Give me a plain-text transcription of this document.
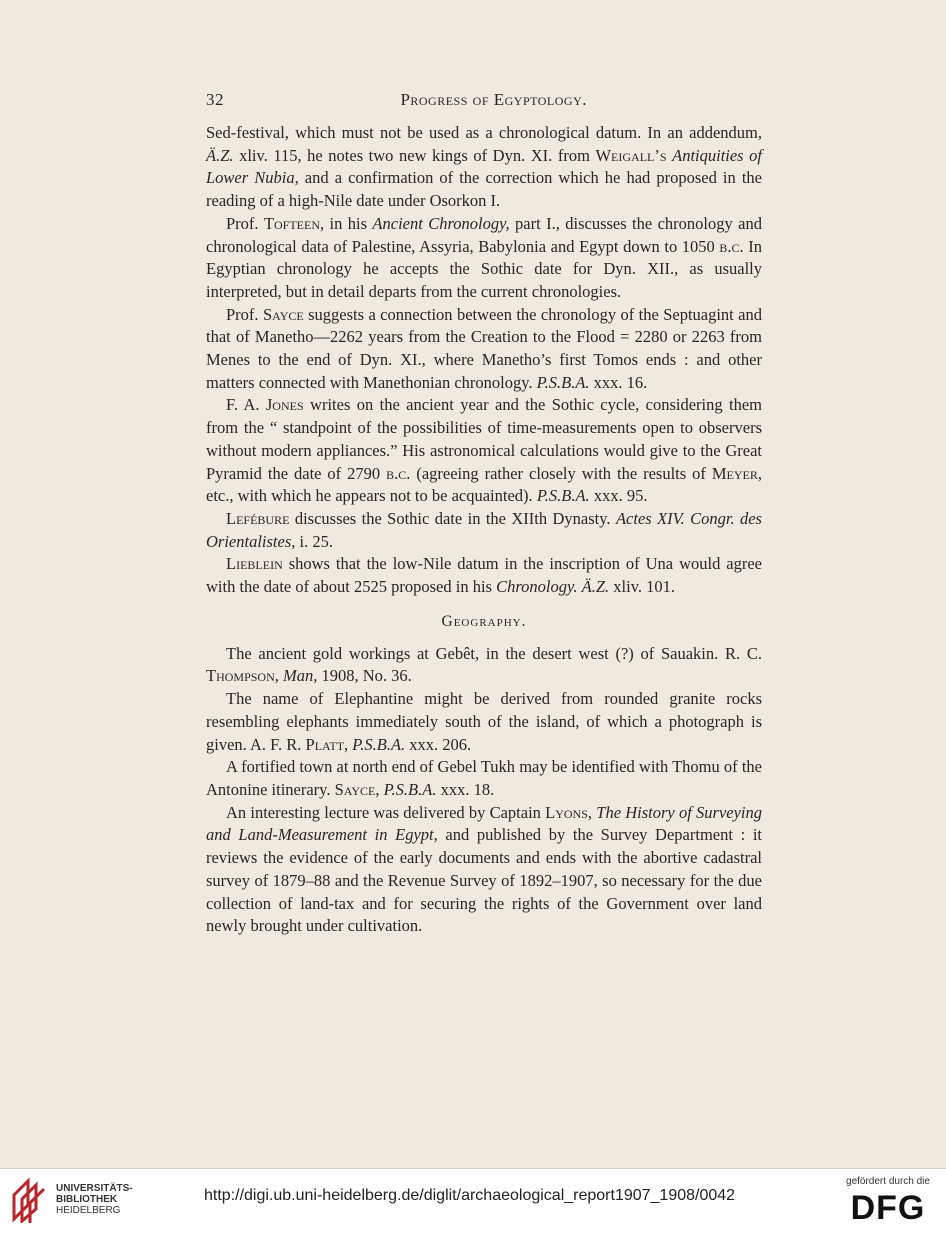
32	Progress of Egyptology.

Sed-festival, which must not be used as a chronological datum. In an addendum, Ä.Z. xliv. 115, he notes two new kings of Dyn. XI. from Weigall’s Antiquities of Lower Nubia, and a confirmation of the correction which he had proposed in the reading of a high-Nile date under Osorkon I.

Prof. Tofteen, in his Ancient Chronology, part I., discusses the chronology and chronological data of Palestine, Assyria, Babylonia and Egypt down to 1050 b.c. In Egyptian chronology he accepts the Sothic date for Dyn. XII., as usually interpreted, but in detail departs from the current chronologies.

Prof. Sayce suggests a connection between the chronology of the Septuagint and that of Manetho—2262 years from the Creation to the Flood = 2280 or 2263 from Menes to the end of Dyn. XI., where Manetho’s first Tomos ends : and other matters connected with Manethonian chronology. P.S.B.A. xxx. 16.

F. A. Jones writes on the ancient year and the Sothic cycle, considering them from the “ standpoint of the possibilities of time-measurements open to observers without modern appliances.” His astronomical calculations would give to the Great Pyramid the date of 2790 b.c. (agreeing rather closely with the results of Meyer, etc., with which he appears not to be acquainted). P.S.B.A. xxx. 95.

Lefébure discusses the Sothic date in the XIIth Dynasty. Actes XIV. Congr. des Orientalistes, i. 25.

Lieblein shows that the low-Nile datum in the inscription of Una would agree with the date of about 2525 proposed in his Chronology. Ä.Z. xliv. 101.

Geography.

The ancient gold workings at Gebêt, in the desert west (?) of Sauakin. R. C. Thompson, Man, 1908, No. 36.

The name of Elephantine might be derived from rounded granite rocks resembling elephants immediately south of the island, of which a photograph is given. A. F. R. Platt, P.S.B.A. xxx. 206.

A fortified town at north end of Gebel Tukh may be identified with Thomu of the Antonine itinerary. Sayce, P.S.B.A. xxx. 18.

An interesting lecture was delivered by Captain Lyons, The History of Surveying and Land-Measurement in Egypt, and published by the Survey Department : it reviews the evidence of the early documents and ends with the abortive cadastral survey of 1879–88 and the Revenue Survey of 1892–1907, so necessary for the due collection of land-tax and for securing the rights of the Government over land newly brought under cultivation.

UNIVERSITÄTS-
BIBLIOTHEK
HEIDELBERG
http://digi.ub.uni-heidelberg.de/diglit/archaeological_report1907_1908/0042
gefördert durch die
DFG
